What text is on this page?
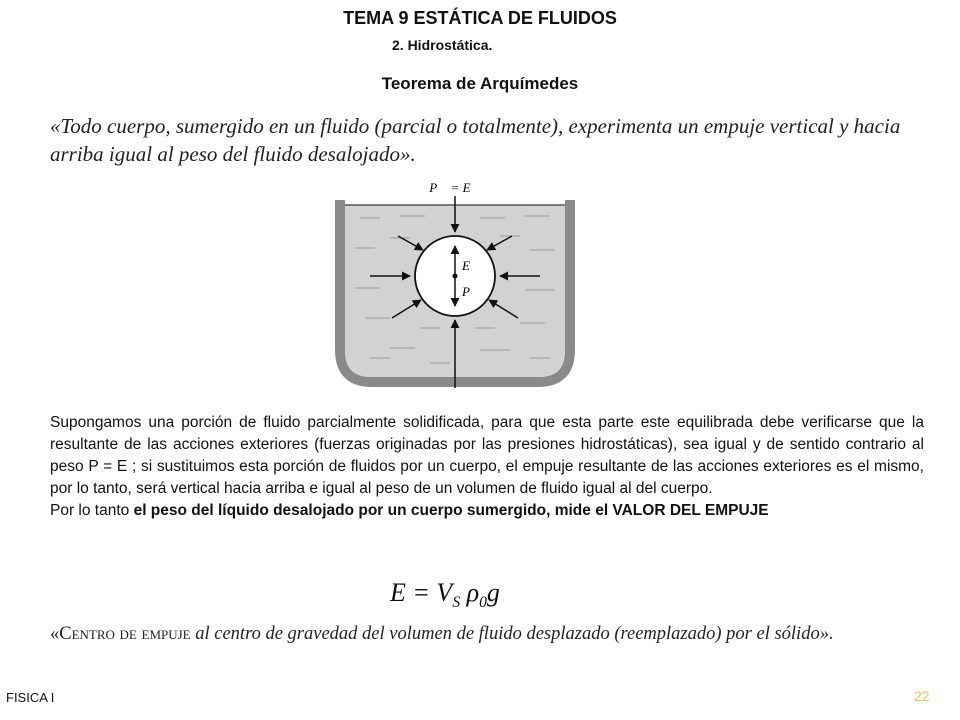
TEMA 9 ESTÁTICA DE FLUIDOS
2. Hidrostática.
Teorema de Arquímedes
«Todo cuerpo, sumergido en un fluido (parcial o totalmente), experimenta un empuje vertical y hacia arriba igual al peso del fluido desalojado».
P⃗ = E⃗
E⃗
P⃗

Supongamos una porción de fluido parcialmente solidificada, para que esta parte este equilibrada debe verificarse que la resultante de las acciones exteriores (fuerzas originadas por las presiones hidrostáticas), sea igual y de sentido contrario al peso P = E ; si sustituimos esta porción de fluidos por un cuerpo, el empuje resultante de las acciones exteriores es el mismo, por lo tanto, será vertical hacia arriba e igual al peso de un volumen de fluido igual al del cuerpo.

Por lo tanto el peso del líquido desalojado por un cuerpo sumergido, mide el VALOR DEL EMPUJE

$E = V_S$ $\rho_0g$
«Centro de empuje al centro de gravedad del volumen de fluido desplazado (reemplazado) por el sólido».
FISICA I	22
